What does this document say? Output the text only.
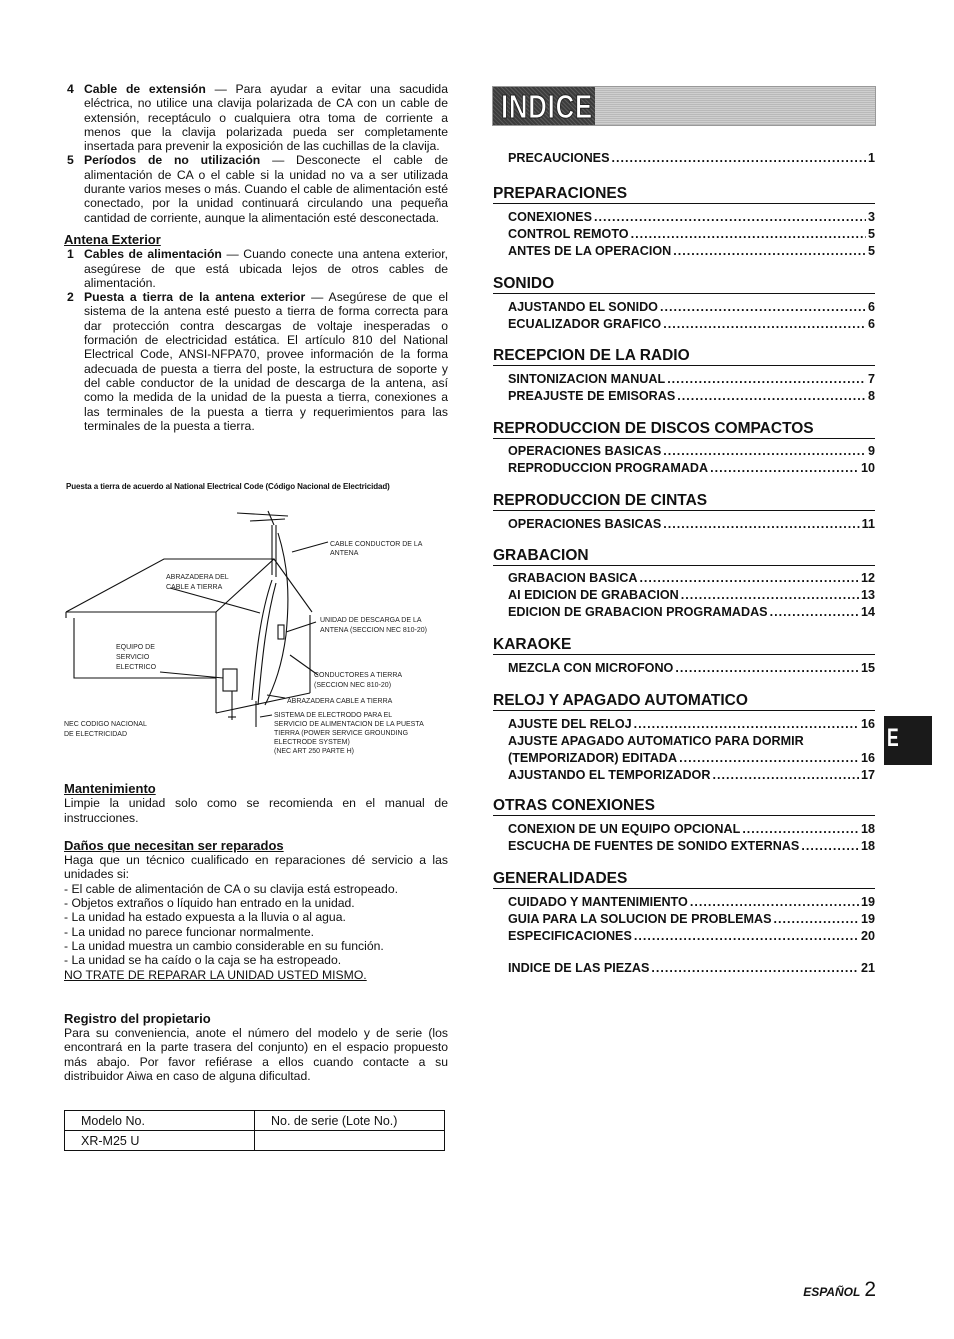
4 Cable de extensión — Para ayudar a evitar una sacudida eléctrica, no utilice una clavija polarizada de CA con un cable de extensión, receptáculo o cualquiera otra toma de corriente a menos que la clavija polarizada pueda ser completamente insertada para prevenir la exposición de las cuchillas de la clavija.

5 Períodos de no utilización — Desconecte el cable de alimentación de CA o el cable si la unidad no va a ser utilizada durante varios meses o más. Cuando el cable de alimentación esté conectado, por la unidad continuará circulando una pequeña cantidad de corriente, aunque la alimentación esté desconectada.

Antena Exterior

1 Cables de alimentación — Cuando conecte una antena exterior, asegúrese de que está ubicada lejos de otros cables de alimentación.

2 Puesta a tierra de la antena exterior — Asegúrese de que el sistema de la antena esté puesto a tierra de forma correcta para dar protección contra descargas de voltaje inesperadas o formación de electricidad estática. El artículo 810 del National Electrical Code, ANSI-NFPA70, provee información de la forma adecuada de puesta a tierra del poste, la estructura de soporte y del cable conductor de la unidad de descarga de la antena, así como la medida de la unidad de la puesta a tierra, conexiones a las terminales de la puesta a tierra y requerimientos para las terminales de la puesta a tierra.

Puesta a tierra de acuerdo al National Electrical Code (Código Nacional de Electricidad)
CABLE CONDUCTOR DE LA
ANTENA
ABRAZADERA DEL
CABLE A TIERRA
UNIDAD DE DESCARGA DE LA
ANTENA (SECCION NEC 810-20)
EQUIPO DE
SERVICIO
ELECTRICO
CONDUCTORES A TIERRA
(SECCION NEC 810-20)
ABRAZADERA CABLE A TIERRA
NEC CODIGO NACIONAL
DE ELECTRICIDAD
SISTEMA DE ELECTRODO PARA EL
SERVICIO DE ALIMENTACION DE LA PUESTA
TIERRA (POWER SERVICE GROUNDING
ELECTRODE SYSTEM)
(NEC ART 250 PARTE H)

Mantenimiento

Limpie la unidad solo como se recomienda en el manual de instrucciones.

Daños que necesitan ser reparados

Haga que un técnico cualificado en reparaciones dé servicio a las unidades si:

- El cable de alimentación de CA o su clavija está estropeado.
- Objetos extraños o líquido han entrado en la unidad.
- La unidad ha estado expuesta a la lluvia o al agua.
- La unidad no parece funcionar normalmente.
- La unidad muestra un cambio considerable en su función.
- La unidad se ha caído o la caja se ha estropeado.
NO TRATE DE REPARAR LA UNIDAD USTED MISMO.

Registro del propietario

Para su conveniencia, anote el número del modelo y de serie (los encontrará en la parte trasera del conjunto) en el espacio propuesto más abajo. Por favor refiérase a ellos cuando contacte a su distribuidor Aiwa en caso de alguna dificultad.

Modelo No.	No. de serie (Lote No.)
XR-M25 U	
INDICE
PRECAUCIONES .....	1
PREPARACIONES
CONEXIONES .....	3
CONTROL REMOTO .....	5
ANTES DE LA OPERACION .....	5
SONIDO
AJUSTANDO EL SONIDO .....	6
ECUALIZADOR GRAFICO .....	6
RECEPCION DE LA RADIO
SINTONIZACION MANUAL .....	7
PREAJUSTE DE EMISORAS .....	8
REPRODUCCION DE DISCOS COMPACTOS
OPERACIONES BASICAS .....	9
REPRODUCCION PROGRAMADA .....	10
REPRODUCCION DE CINTAS
OPERACIONES BASICAS .....	11
GRABACION
GRABACION BASICA .....	12
AI EDICION DE GRABACION .....	13
EDICION DE GRABACION PROGRAMADAS .....	14
KARAOKE
MEZCLA CON MICROFONO .....	15
RELOJ Y APAGADO AUTOMATICO
AJUSTE DEL RELOJ .....	16
AJUSTE APAGADO AUTOMATICO PARA DORMIR
(TEMPORIZADOR) EDITADA .....	16
AJUSTANDO EL TEMPORIZADOR .....	17
OTRAS CONEXIONES
CONEXION DE UN EQUIPO OPCIONAL .....	18
ESCUCHA DE FUENTES DE SONIDO EXTERNAS .....	18
GENERALIDADES
CUIDADO Y MANTENIMIENTO .....	19
GUIA PARA LA SOLUCION DE PROBLEMAS .....	19
ESPECIFICACIONES .....	20
INDICE DE LAS PIEZAS .....	21
E
ESPAÑOL 2
